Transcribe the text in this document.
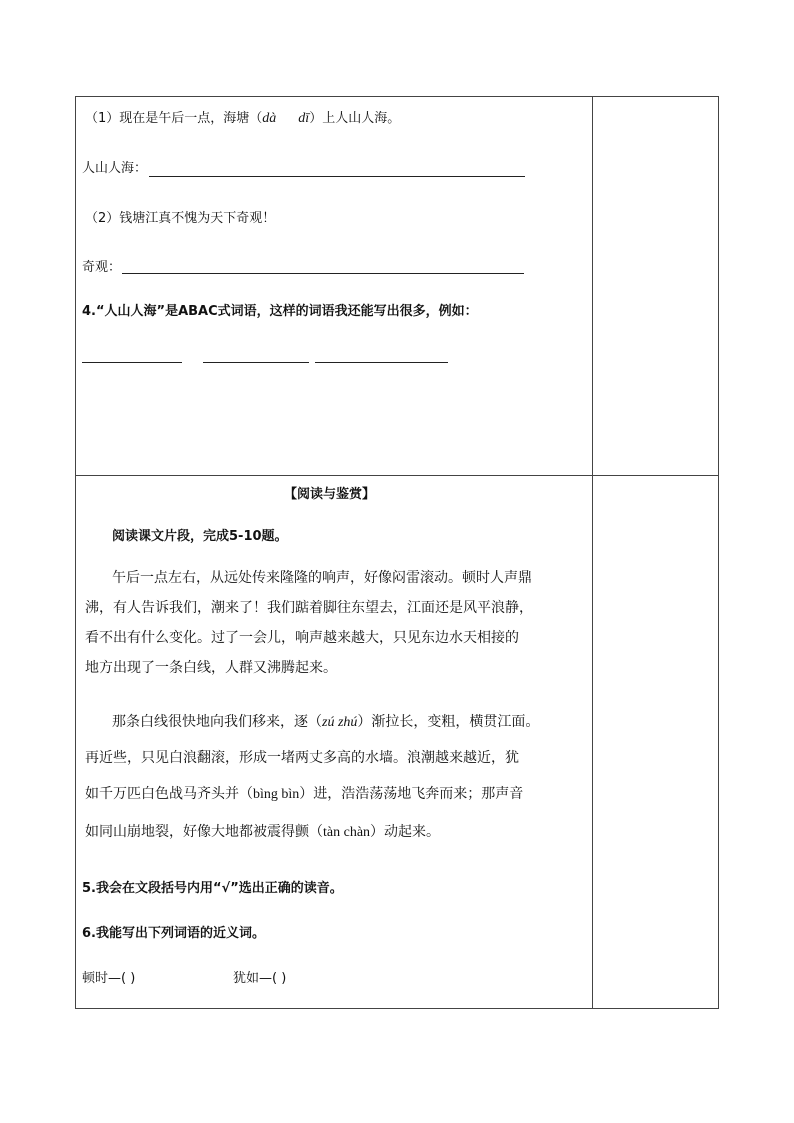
（1）现在是午后一点，海塘（dà dī）上人山人海。
人山人海：
（2）钱塘江真不愧为天下奇观！
奇观：
4.“人山人海”是ABAC式词语，这样的词语我还能写出很多，例如：
【阅读与鉴赏】
阅读课文片段，完成5-10题。
午后一点左右，从远处传来隆隆的响声，好像闷雷滚动。顿时人声鼎
沸，有人告诉我们，潮来了！我们踮着脚往东望去，江面还是风平浪静，
看不出有什么变化。过了一会儿，响声越来越大，只见东边水天相接的
地方出现了一条白线，人群又沸腾起来。
那条白线很快地向我们移来，逐（zú zhú）渐拉长，变粗，横贯江面。
再近些，只见白浪翻滚，形成一堵两丈多高的水墙。浪潮越来越近，犹
如千万匹白色战马齐头并（bìng bìn）进，浩浩荡荡地飞奔而来；那声音
如同山崩地裂，好像大地都被震得颤（tàn chàn）动起来。
5.我会在文段括号内用“√”选出正确的读音。
6.我能写出下列词语的近义词。
顿时—( )	犹如—( )
